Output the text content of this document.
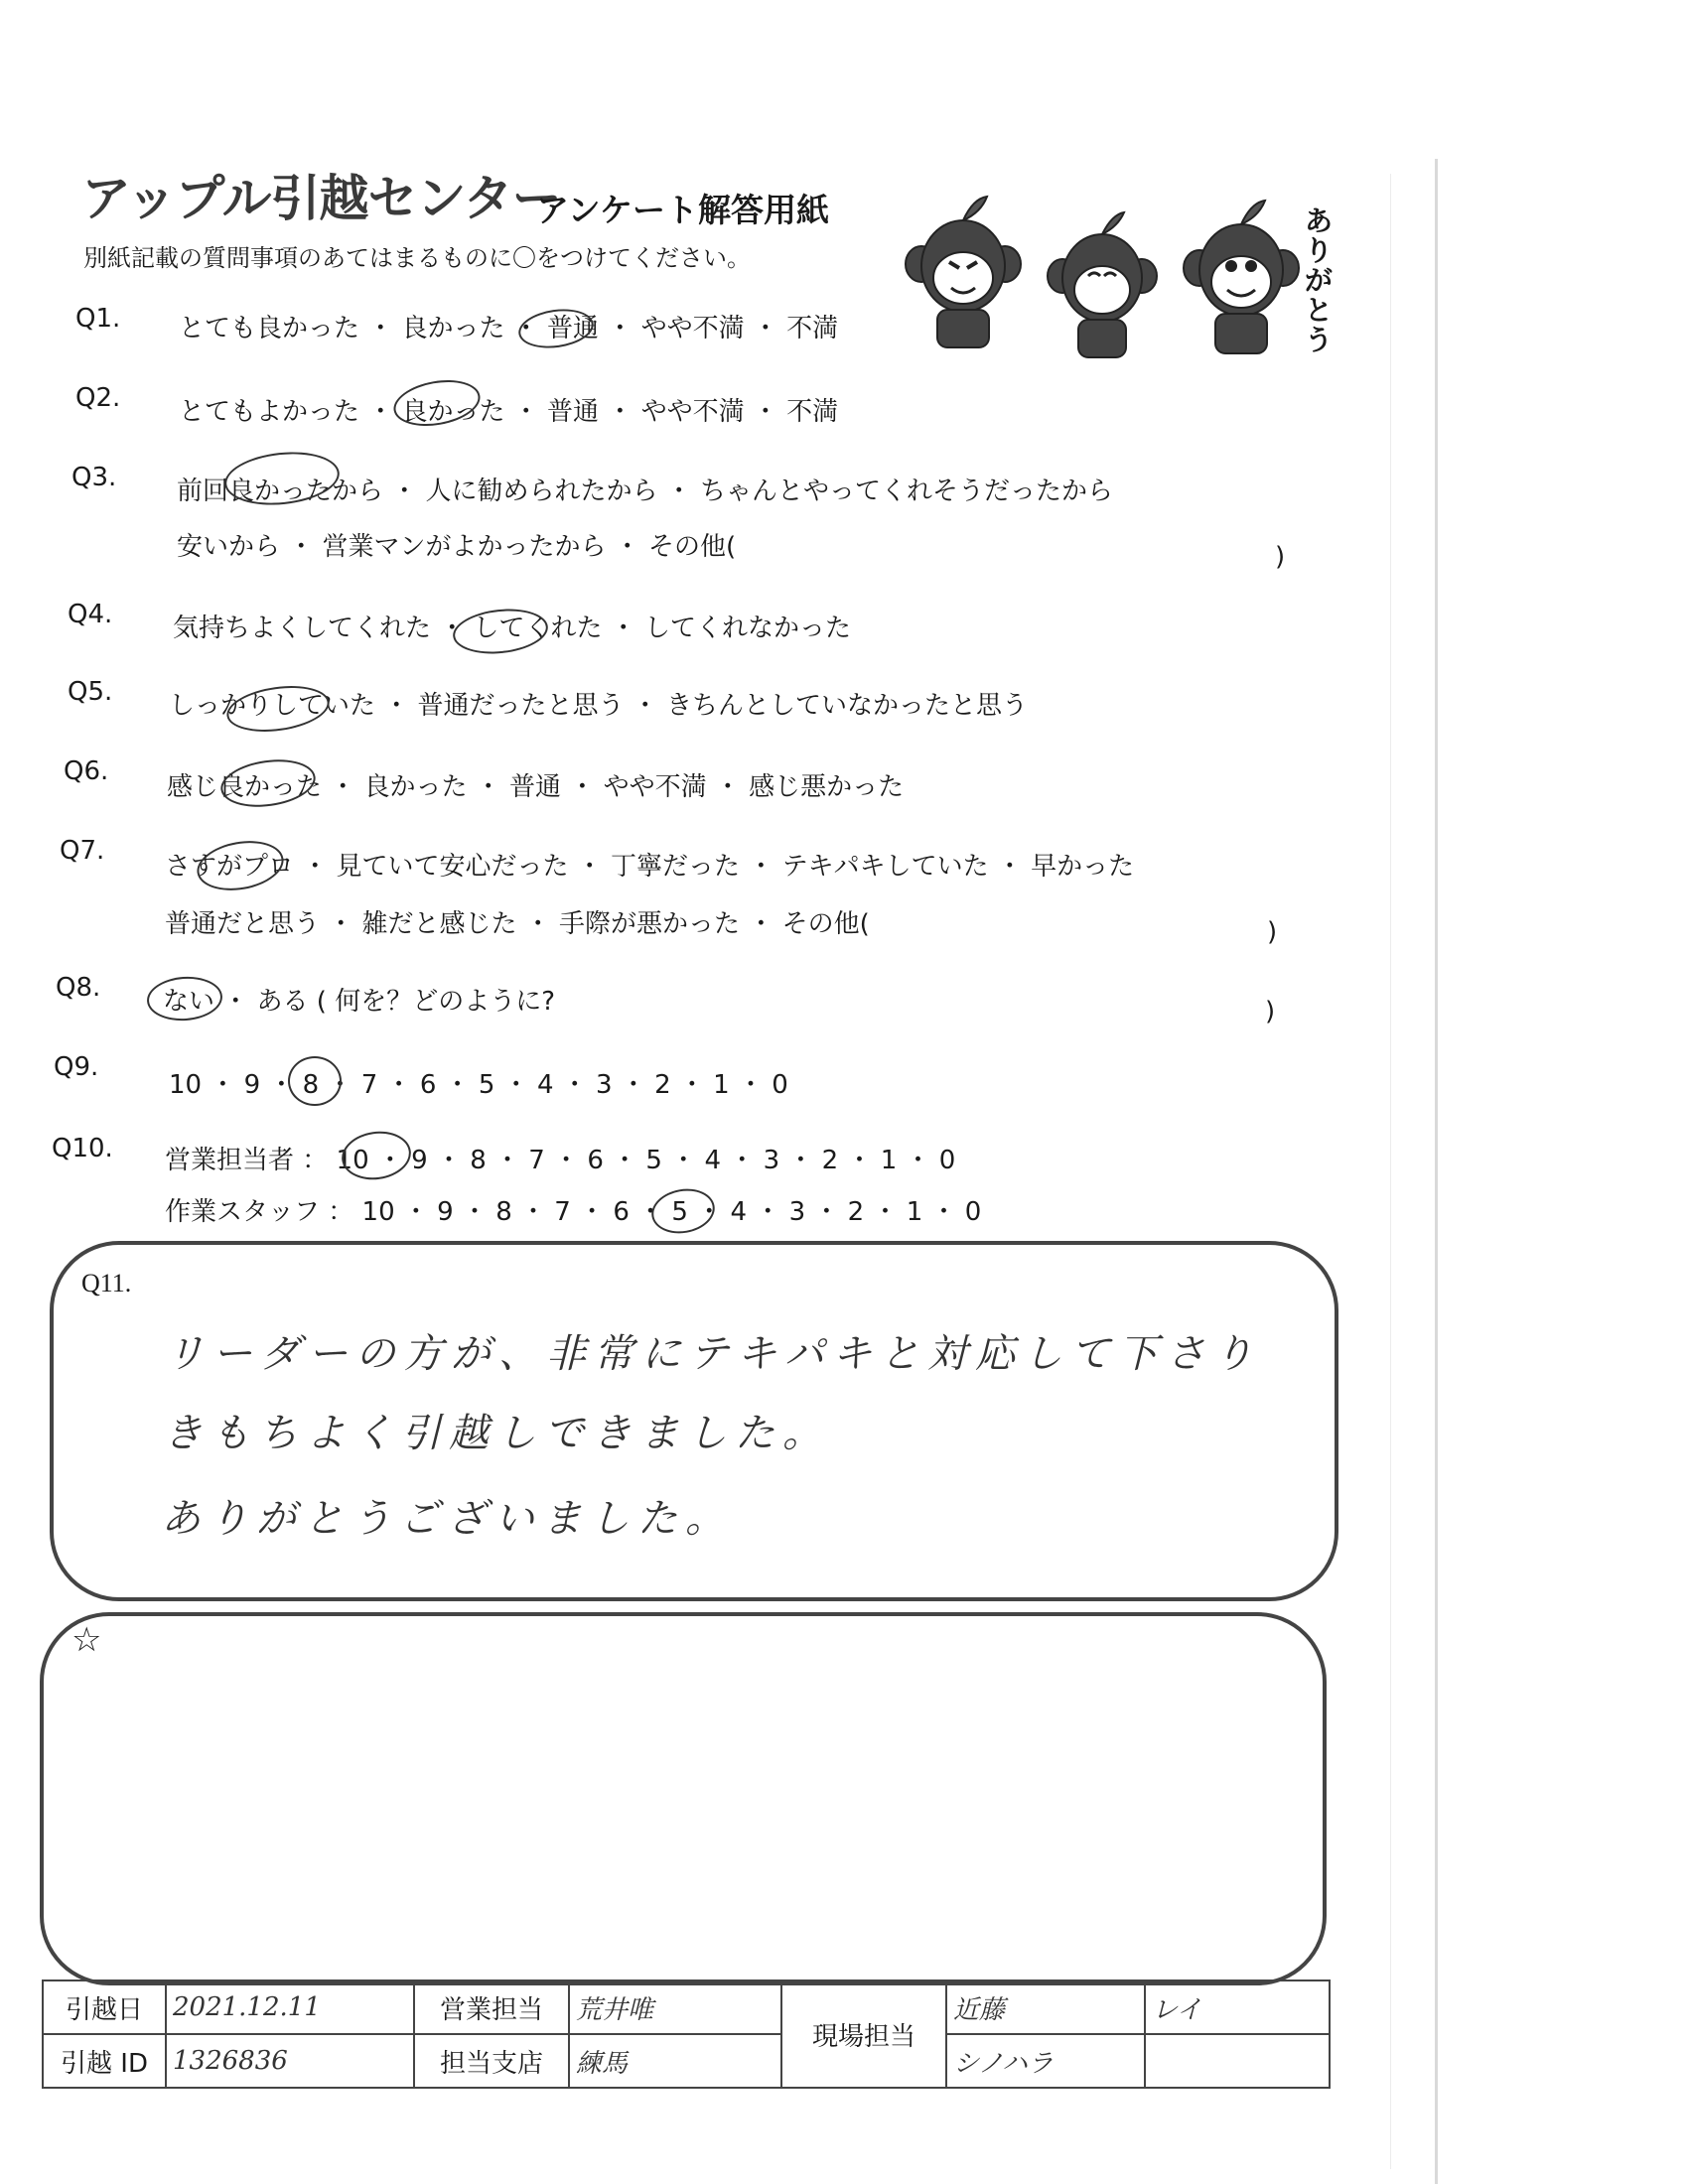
アップル引越センター
アンケート解答用紙
別紙記載の質問事項のあてはまるものに〇をつけてください。
ありがとう
Q1. とても良かった ・ 良かった ・ 普通 ・ やや不満 ・ 不満
Q2. とてもよかった ・ 良かった ・ 普通 ・ やや不満 ・ 不満
Q3. 前回良かったから ・ 人に勧められたから ・ ちゃんとやってくれそうだったから
安いから ・ 営業マンがよかったから ・ その他(	)
Q4. 気持ちよくしてくれた ・ してくれた ・ してくれなかった
Q5. しっかりしていた ・ 普通だったと思う ・ きちんとしていなかったと思う
Q6.
感じ良かった ・ 良かった ・ 普通 ・ やや不満 ・ 感じ悪かった
Q7.
さすがプロ ・ 見ていて安心だった ・ 丁寧だった ・ テキパキしていた ・ 早かった
普通だと思う ・ 雑だと感じた ・ 手際が悪かった ・ その他(	)
Q8. ない ・ ある ( 何を？どのように?	)
Q9.
10 ・ 9 ・ 8 ・ 7 ・ 6 ・ 5 ・ 4 ・ 3 ・ 2 ・ 1 ・ 0
Q10. 営業担当者 ： 10 ・ 9 ・ 8 ・ 7 ・ 6 ・ 5 ・ 4 ・ 3 ・ 2 ・ 1 ・ 0
作業スタッフ ： 10 ・ 9 ・ 8 ・ 7 ・ 6 ・ 5 ・ 4 ・ 3 ・ 2 ・ 1 ・ 0
Q11.
リーダーの方が、非常にテキパキと対応して下さり
きもちよく引越しできました。
ありがとうございました。
☆
引越日	2021.12.11	営業担当	荒井唯	現場担当	近藤	レイ
引越 ID	1326836	担当支店	練馬		シノハラ	
